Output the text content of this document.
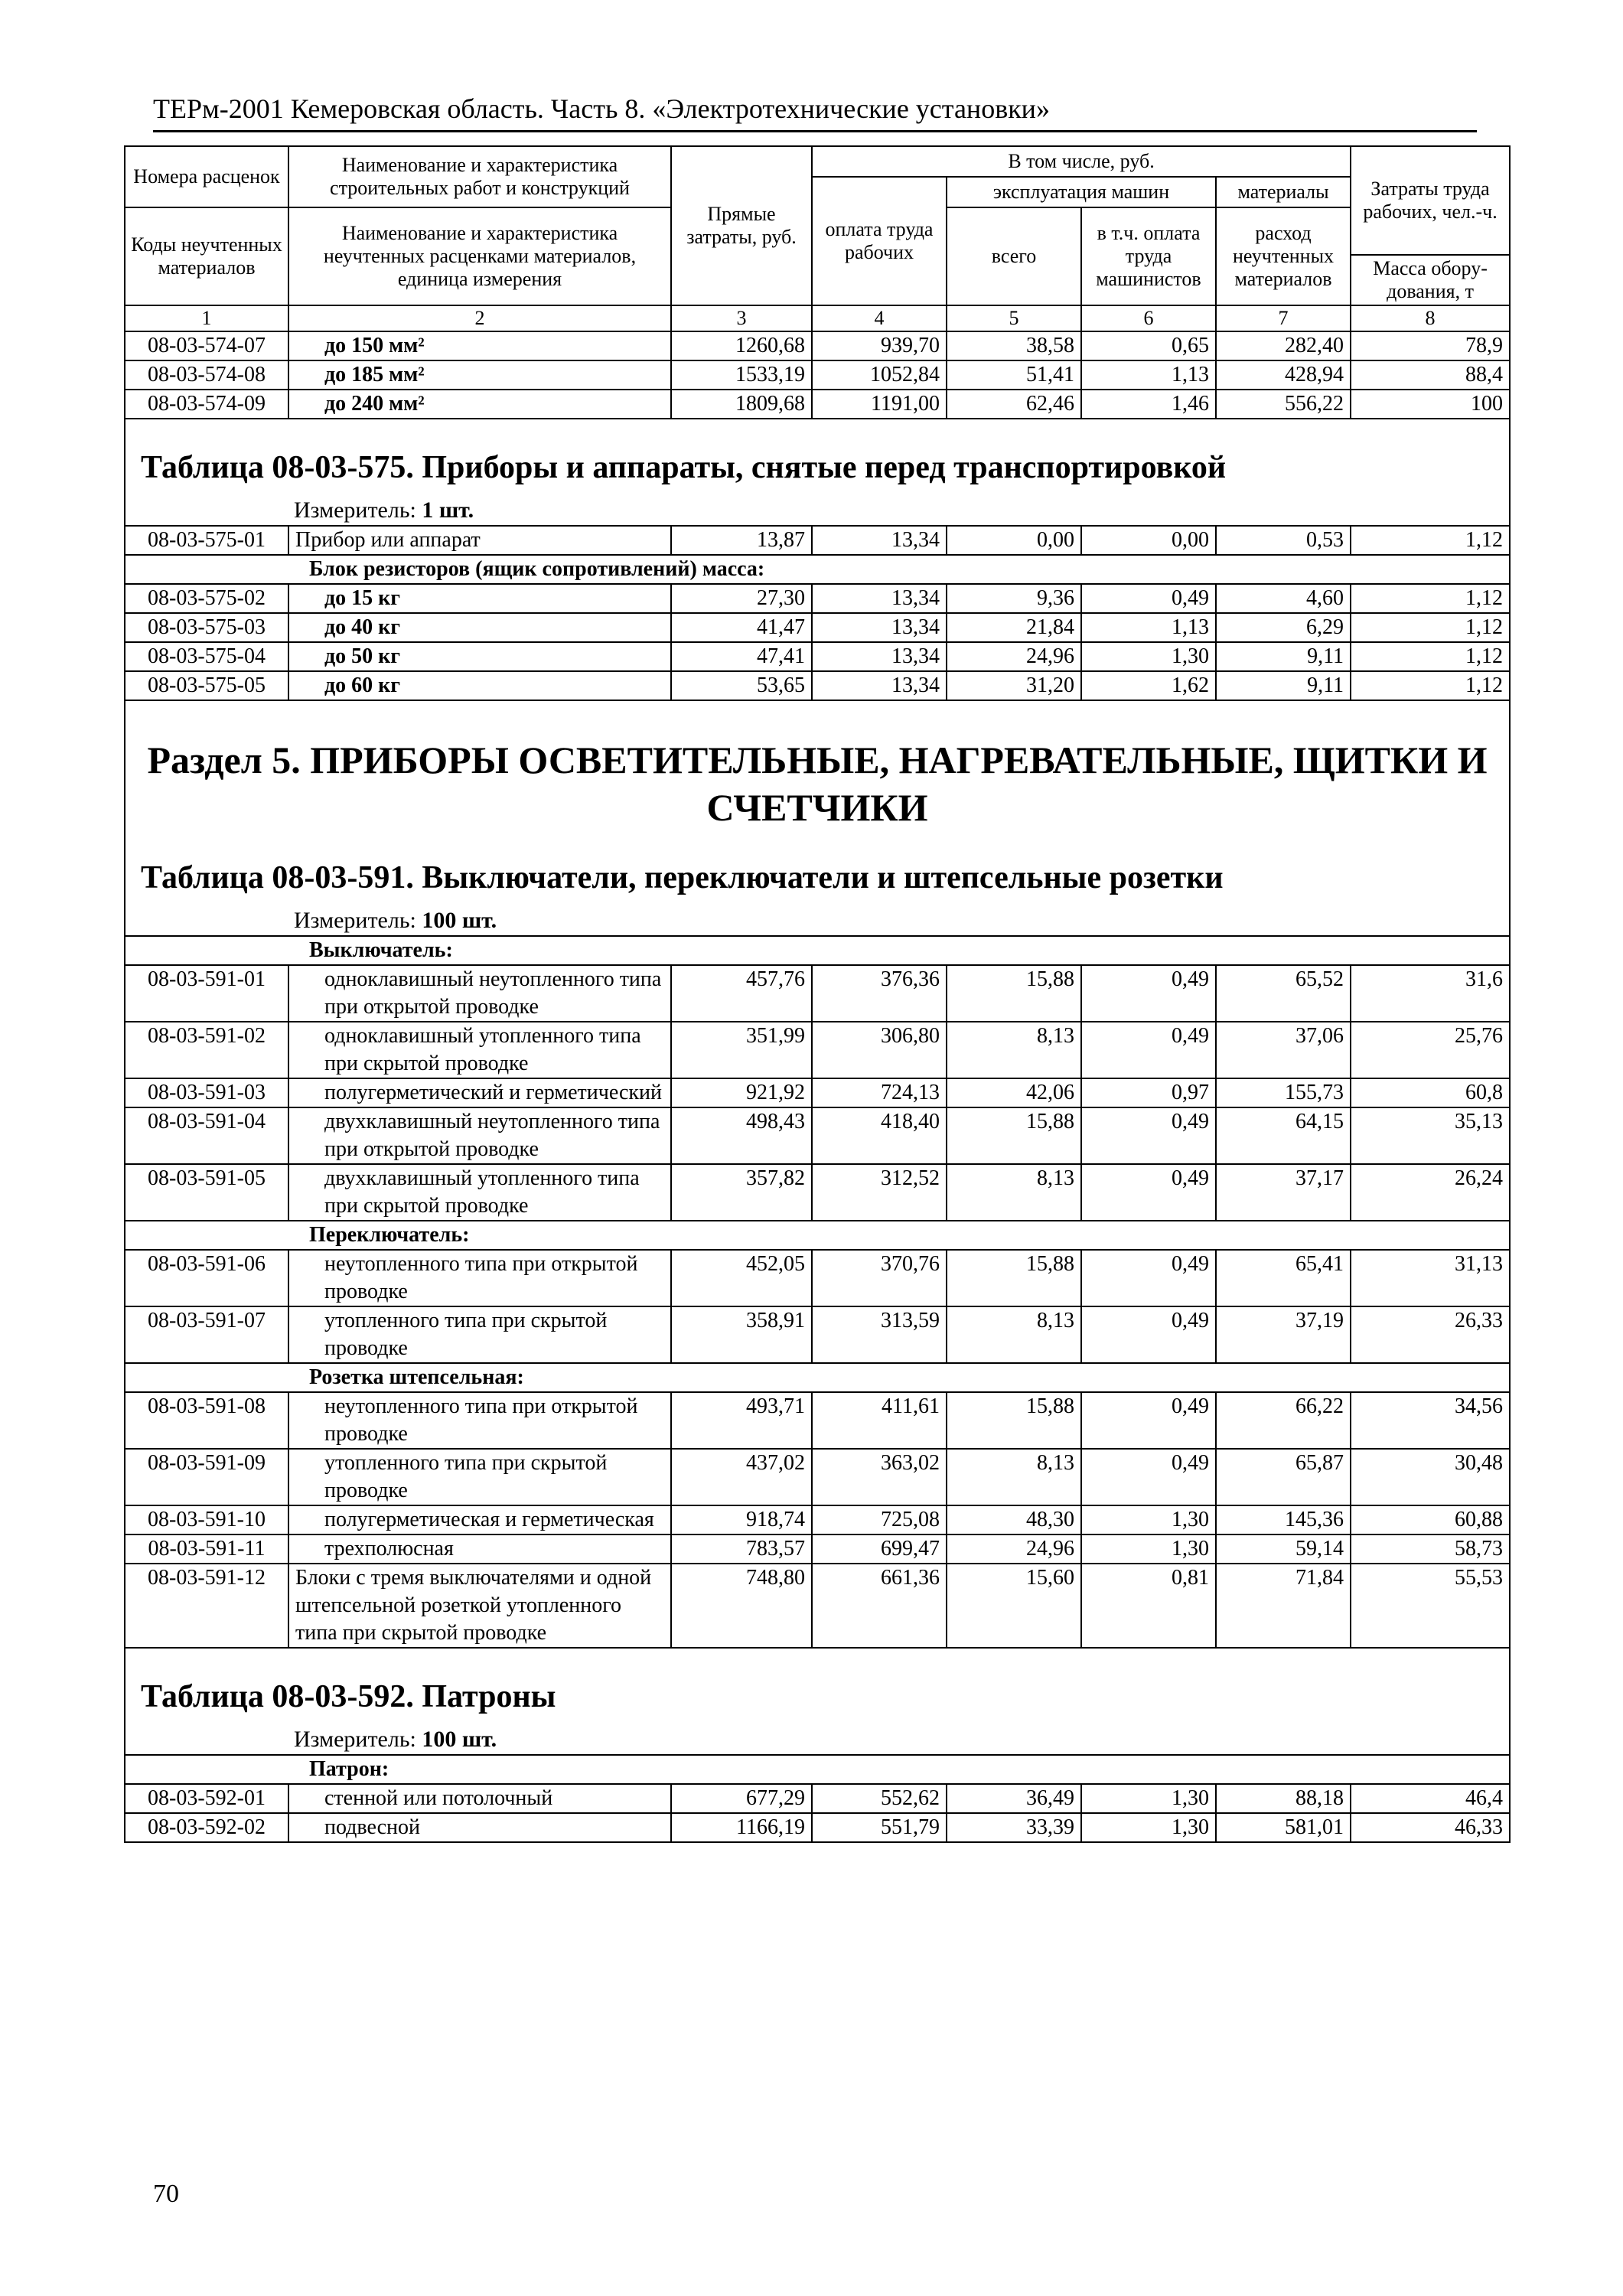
ТЕРм-2001 Кемеровская область. Часть 8. «Электротехнические установки»
Номера расценок	Наименование и характеристика строительных работ и конструкций	Прямые затраты, руб.	В том числе, руб.				Затраты труда рабочих, чел.-ч.
			оплата труда рабочих	эксплуатация машин		материалы	
Коды неучтенных материалов	Наименование и характеристика неучтенных расценками материалов, единица измерения			всего	в т.ч. оплата труда машинистов	расход неучтенных материалов	
							Масса обору-дования, т
1	2	3	4	5	6	7	8
08-03-574-07	до 150 мм²	1260,68	939,70	38,58	0,65	282,40	78,9
08-03-574-08	до 185 мм²	1533,19	1052,84	51,41	1,13	428,94	88,4
08-03-574-09	до 240 мм²	1809,68	1191,00	62,46	1,46	556,22	100

Таблица 08-03-575. Приборы и аппараты, снятые перед транспортировкой
Измеритель: 1 шт.							

08-03-575-01	Прибор или аппарат	13,87	13,34	0,00	0,00	0,53	1,12
Блок резисторов (ящик сопротивлений) масса:							
08-03-575-02	до 15 кг	27,30	13,34	9,36	0,49	4,60	1,12
08-03-575-03	до 40 кг	41,47	13,34	21,84	1,13	6,29	1,12
08-03-575-04	до 50 кг	47,41	13,34	24,96	1,30	9,11	1,12
08-03-575-05	до 60 кг	53,65	13,34	31,20	1,62	9,11	1,12

Раздел 5. ПРИБОРЫ ОСВЕТИТЕЛЬНЫЕ, НАГРЕВАТЕЛЬНЫЕ, ЩИТКИ И СЧЕТЧИКИ
Таблица 08-03-591. Выключатели, переключатели и штепсельные розетки
Измеритель: 100 шт.							

Выключатель:							
08-03-591-01	одноклавишный неутопленного типа при открытой проводке	457,76	376,36	15,88	0,49	65,52	31,6
08-03-591-02	одноклавишный утопленного типа при скрытой проводке	351,99	306,80	8,13	0,49	37,06	25,76
08-03-591-03	полугерметический и герметический	921,92	724,13	42,06	0,97	155,73	60,8
08-03-591-04	двухклавишный неутопленного типа при открытой проводке	498,43	418,40	15,88	0,49	64,15	35,13
08-03-591-05	двухклавишный утопленного типа при скрытой проводке	357,82	312,52	8,13	0,49	37,17	26,24
Переключатель:							
08-03-591-06	неутопленного типа при открытой проводке	452,05	370,76	15,88	0,49	65,41	31,13
08-03-591-07	утопленного типа при скрытой проводке	358,91	313,59	8,13	0,49	37,19	26,33
Розетка штепсельная:							
08-03-591-08	неутопленного типа при открытой проводке	493,71	411,61	15,88	0,49	66,22	34,56
08-03-591-09	утопленного типа при скрытой проводке	437,02	363,02	8,13	0,49	65,87	30,48
08-03-591-10	полугерметическая и герметическая	918,74	725,08	48,30	1,30	145,36	60,88
08-03-591-11	трехполюсная	783,57	699,47	24,96	1,30	59,14	58,73
08-03-591-12	Блоки с тремя выключателями и одной штепсельной розеткой утопленного типа при скрытой проводке	748,80	661,36	15,60	0,81	71,84	55,53

Таблица 08-03-592. Патроны
Измеритель: 100 шт.							

Патрон:							
08-03-592-01	стенной или потолочный	677,29	552,62	36,49	1,30	88,18	46,4
08-03-592-02	подвесной	1166,19	551,79	33,39	1,30	581,01	46,33
70
